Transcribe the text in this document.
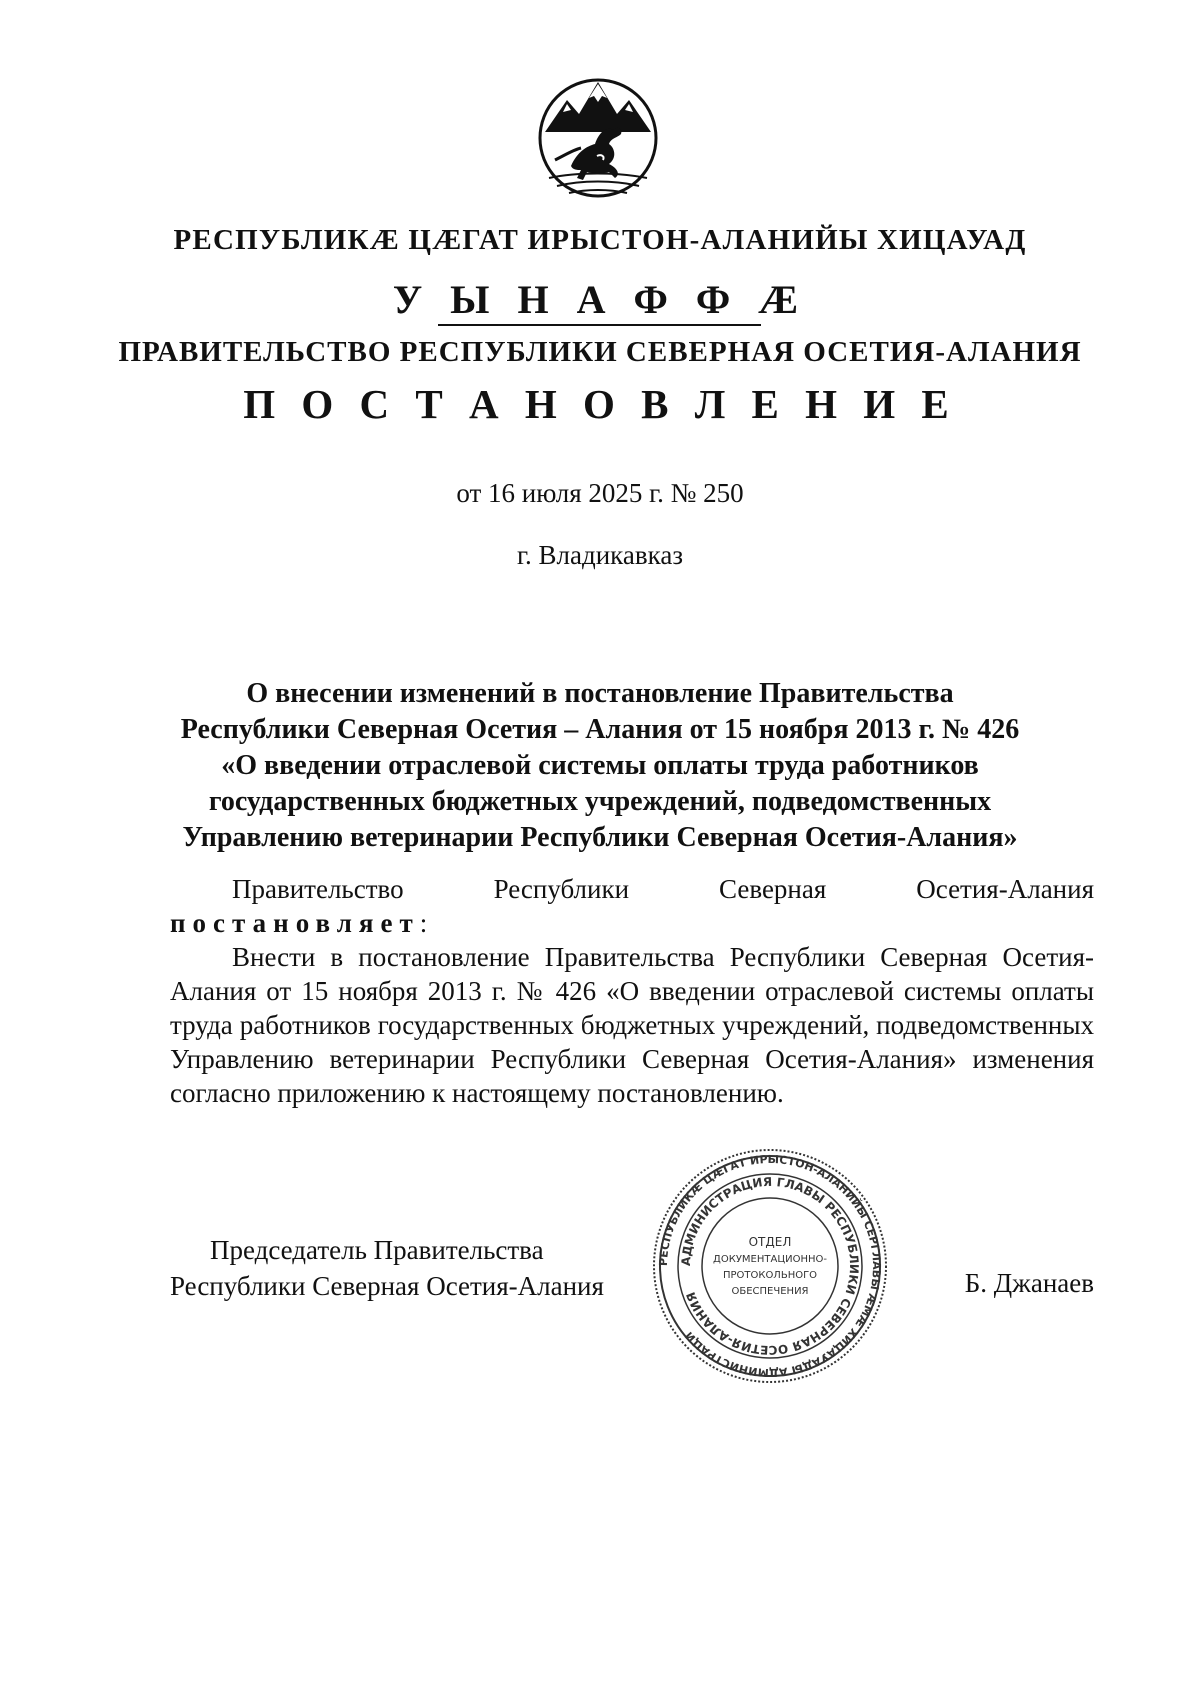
РЕСПУБЛИКÆ ЦÆГАТ ИРЫСТОН-АЛАНИЙЫ ХИЦАУАД
У Ы Н А Ф Ф Æ
ПРАВИТЕЛЬСТВО РЕСПУБЛИКИ СЕВЕРНАЯ ОСЕТИЯ-АЛАНИЯ
П О С Т А Н О В Л Е Н И Е
от 16 июля 2025 г. № 250
г. Владикавказ
О внесении изменений в постановление Правительства
Республики Северная Осетия – Алания от 15 ноября 2013 г. № 426
«О введении отраслевой системы оплаты труда работников
государственных бюджетных учреждений, подведомственных
Управлению ветеринарии Республики Северная Осетия-Алания»
Правительство Республики Северная Осетия-Алания постановляет:
Внести в постановление Правительства Республики Северная Осетия-Алания от 15 ноября 2013 г. № 426 «О введении отраслевой системы оплаты труда работников государственных бюджетных учреждений, подведомственных Управлению ветеринарии Республики Северная Осетия-Алания» изменения согласно приложению к настоящему постановлению.
Председатель Правительства
Республики Северная Осетия-Алания	Б. Джанаев
РЕСПУБЛИКÆ ЦÆГАТ ИРЫСТОН-АЛАНИЙЫ СЕРГЛАВЫ ÆМÆ ХИЦАУАДЫ АДМИНИСТРАЦИ
АДМИНИСТРАЦИЯ ГЛАВЫ РЕСПУБЛИКИ СЕВЕРНАЯ ОСЕТИЯ-АЛАНИЯ
ОТДЕЛ
ДОКУМЕНТАЦИОННО-
ПРОТОКОЛЬНОГО
ОБЕСПЕЧЕНИЯ
